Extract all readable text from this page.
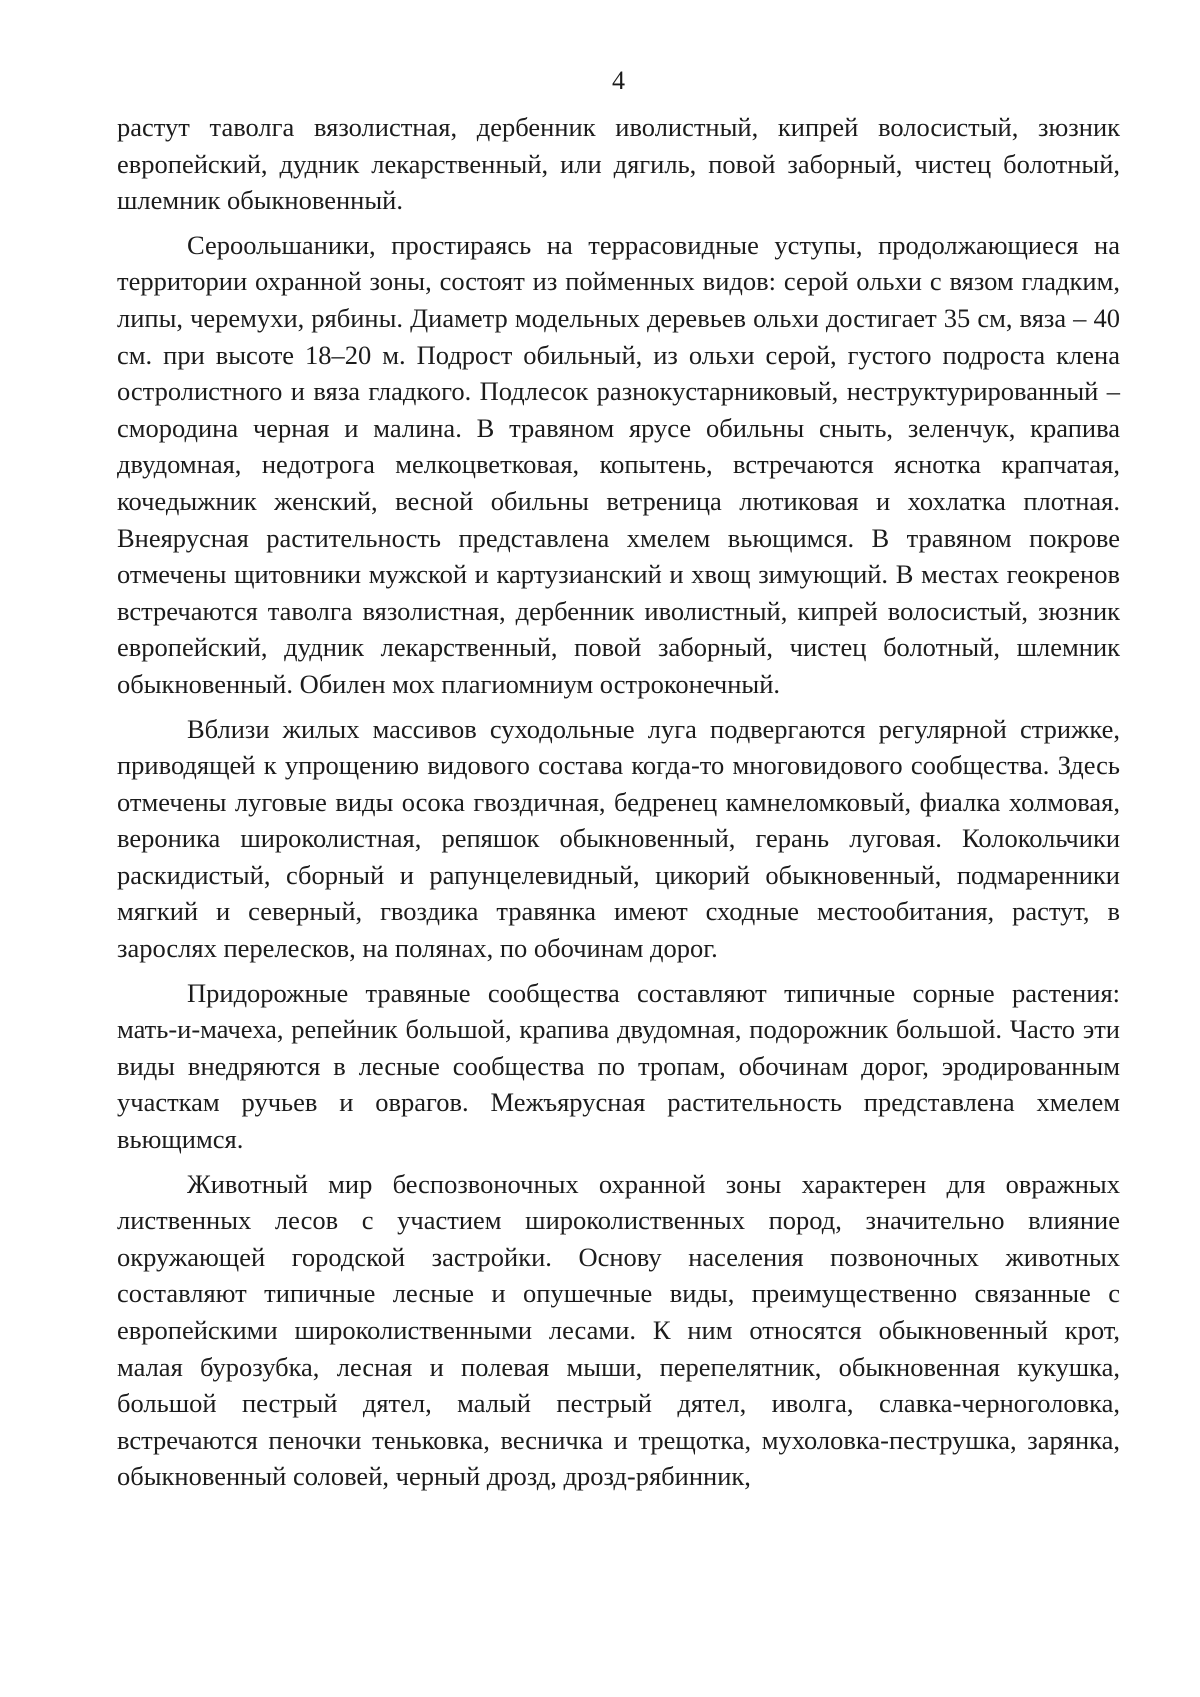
4

растут таволга вязолистная, дербенник иволистный, кипрей волосистый, зюзник европейский, дудник лекарственный, или дягиль, повой заборный, чистец болотный, шлемник обыкновенный.

Сероольшаники, простираясь на террасовидные уступы, продолжающиеся на территории охранной зоны, состоят из пойменных видов: серой ольхи с вязом гладким, липы, черемухи, рябины. Диаметр модельных деревьев ольхи достигает 35 см, вяза – 40 см. при высоте 18–20 м. Подрост обильный, из ольхи серой, густого подроста клена остролистного и вяза гладкого. Подлесок разнокустарниковый, неструктурированный – смородина черная и малина. В травяном ярусе обильны сныть, зеленчук, крапива двудомная, недотрога мелкоцветковая, копытень, встречаются яснотка крапчатая, кочедыжник женский, весной обильны ветреница лютиковая и хохлатка плотная. Внеярусная растительность представлена хмелем вьющимся. В травяном покрове отмечены щитовники мужской и картузианский и хвощ зимующий. В местах геокренов встречаются таволга вязолистная, дербенник иволистный, кипрей волосистый, зюзник европейский, дудник лекарственный, повой заборный, чистец болотный, шлемник обыкновенный. Обилен мох плагиомниум остроконечный.

Вблизи жилых массивов суходольные луга подвергаются регулярной стрижке, приводящей к упрощению видового состава когда-то многовидового сообщества. Здесь отмечены луговые виды осока гвоздичная, бедренец камнеломковый, фиалка холмовая, вероника широколистная, репяшок обыкновенный, герань луговая. Колокольчики раскидистый, сборный и рапунцелевидный, цикорий обыкновенный, подмаренники мягкий и северный, гвоздика травянка имеют сходные местообитания, растут, в зарослях перелесков, на полянах, по обочинам дорог.

Придорожные травяные сообщества составляют типичные сорные растения: мать-и-мачеха, репейник большой, крапива двудомная, подорожник большой. Часто эти виды внедряются в лесные сообщества по тропам, обочинам дорог, эродированным участкам ручьев и оврагов. Межъярусная растительность представлена хмелем вьющимся.

Животный мир беспозвоночных охранной зоны характерен для овражных лиственных лесов с участием широколиственных пород, значительно влияние окружающей городской застройки. Основу населения позвоночных животных составляют типичные лесные и опушечные виды, преимущественно связанные с европейскими широколиственными лесами. К ним относятся обыкновенный крот, малая бурозубка, лесная и полевая мыши, перепелятник, обыкновенная кукушка, большой пестрый дятел, малый пестрый дятел, иволга, славка-черноголовка, встречаются пеночки теньковка, весничка и трещотка, мухоловка-пеструшка, зарянка, обыкновенный соловей, черный дрозд, дрозд-рябинник,
